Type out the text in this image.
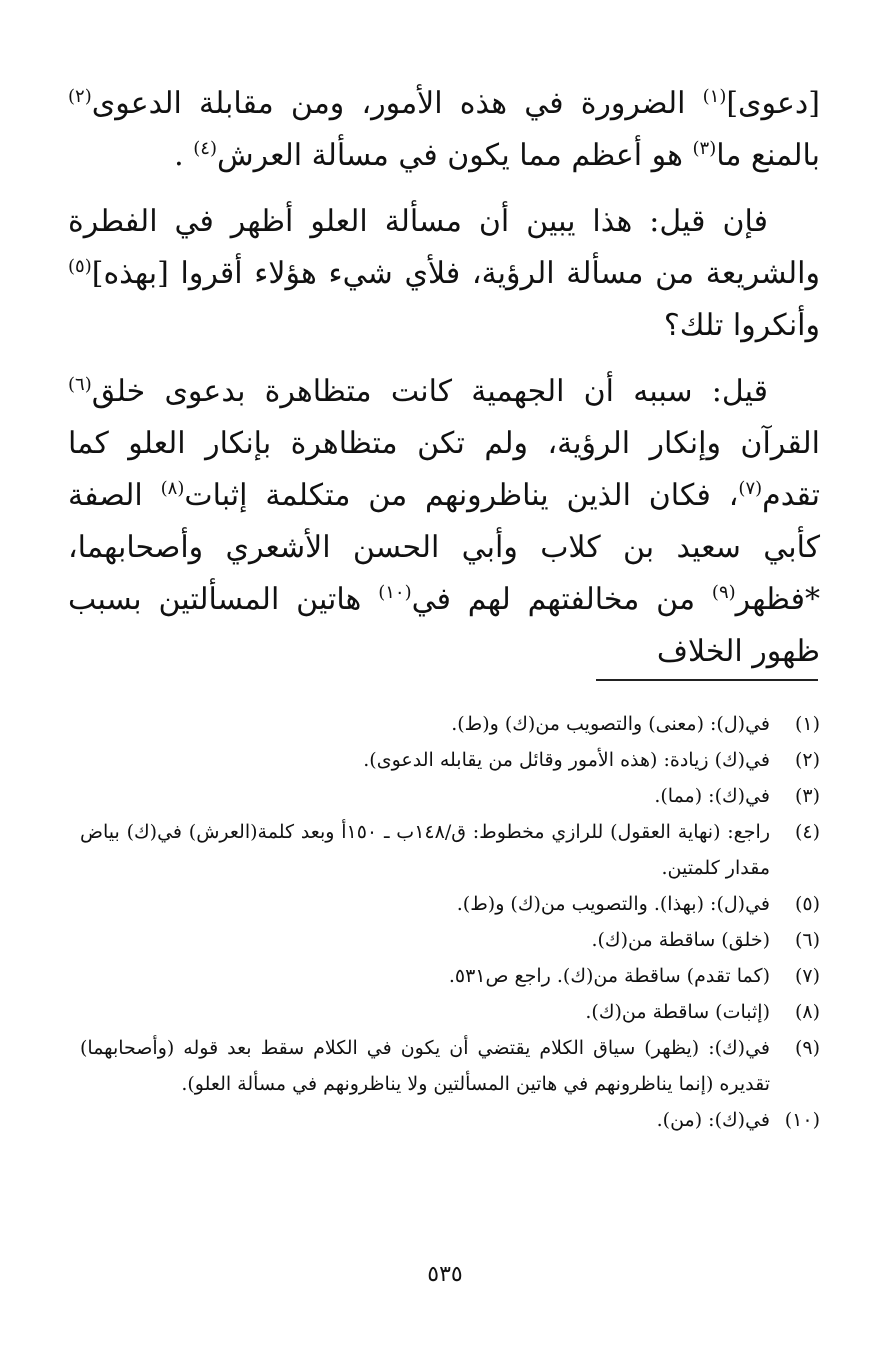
[دعوى]$^{(١)}$ الضرورة في هذه الأمور، ومن مقابلة الدعوى$^{(٢)}$ بالمنع ما$^{(٣)}$ هو أعظم مما يكون في مسألة العرش$^{(٤)}$ .

فإن قيل: هذا يبين أن مسألة العلو أظهر في الفطرة والشريعة من مسألة الرؤية، فلأي شيء هؤلاء أقروا [بهذه]$^{(٥)}$ وأنكروا تلك؟

قيل: سببه أن الجهمية كانت متظاهرة بدعوى خلق$^{(٦)}$ القرآن وإنكار الرؤية، ولم تكن متظاهرة بإنكار العلو كما تقدم$^{(٧)}$، فكان الذين يناظرونهم من متكلمة إثبات$^{(٨)}$ الصفة كأبي سعيد بن كلاب وأبي الحسن الأشعري وأصحابهما، *فظهر$^{(٩)}$ من مخالفتهم لهم في$^{(١٠)}$ هاتين المسألتين بسبب ظهور الخلاف

(١)
في(ل): (معنى) والتصويب من(ك) و(ط).
(٢)
في(ك) زيادة: (هذه الأمور وقائل من يقابله الدعوى).
(٣)
في(ك): (مما).
(٤)
راجع: (نهاية العقول) للرازي مخطوط: ق/١٤٨ب ـ ١٥٠أ وبعد كلمة(العرش) في(ك) بياض مقدار كلمتين.
(٥)
في(ل): (بهذا). والتصويب من(ك) و(ط).
(٦)
(خلق) ساقطة من(ك).
(٧)
(كما تقدم) ساقطة من(ك). راجع ص٥٣١.
(٨)
(إثبات) ساقطة من(ك).
(٩)
في(ك): (يظهر) سياق الكلام يقتضي أن يكون في الكلام سقط بعد قوله (وأصحابهما) تقديره (إنما يناظرونهم في هاتين المسألتين ولا يناظرونهم في مسألة العلو).
(١٠)
في(ك): (من).
٥٣٥
